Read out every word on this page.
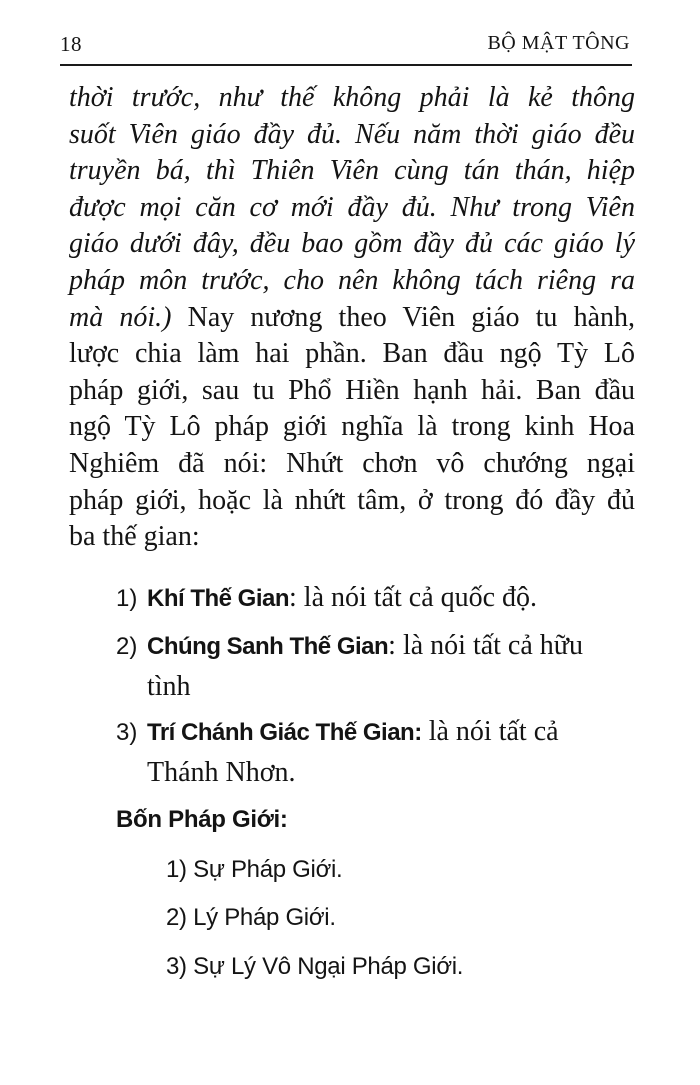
18	BỘ MẬT TÔNG
thời trước, như thế không phải là kẻ thông
suốt Viên giáo đầy đủ. Nếu năm thời giáo đều
truyền bá, thì Thiên Viên cùng tán thán, hiệp
được mọi căn cơ mới đầy đủ. Như trong Viên
giáo dưới đây, đều bao gồm đầy đủ các giáo lý
pháp môn trước, cho nên không tách riêng ra
mà nói.) Nay nương theo Viên giáo tu hành,
lược chia làm hai phần. Ban đầu ngộ Tỳ Lô
pháp giới, sau tu Phổ Hiền hạnh hải. Ban đầu
ngộ Tỳ Lô pháp giới nghĩa là trong kinh Hoa
Nghiêm đã nói: Nhứt chơn vô chướng ngại
pháp giới, hoặc là nhứt tâm, ở trong đó đầy đủ
ba thế gian:
1) Khí Thế Gian: là nói tất cả quốc độ.
2) Chúng Sanh Thế Gian: là nói tất cả hữu
tình
3) Trí Chánh Giác Thế Gian: là nói tất cả
Thánh Nhơn.
Bốn Pháp Giới:
1) Sự Pháp Giới.
2) Lý Pháp Giới.
3) Sự Lý Vô Ngại Pháp Giới.
